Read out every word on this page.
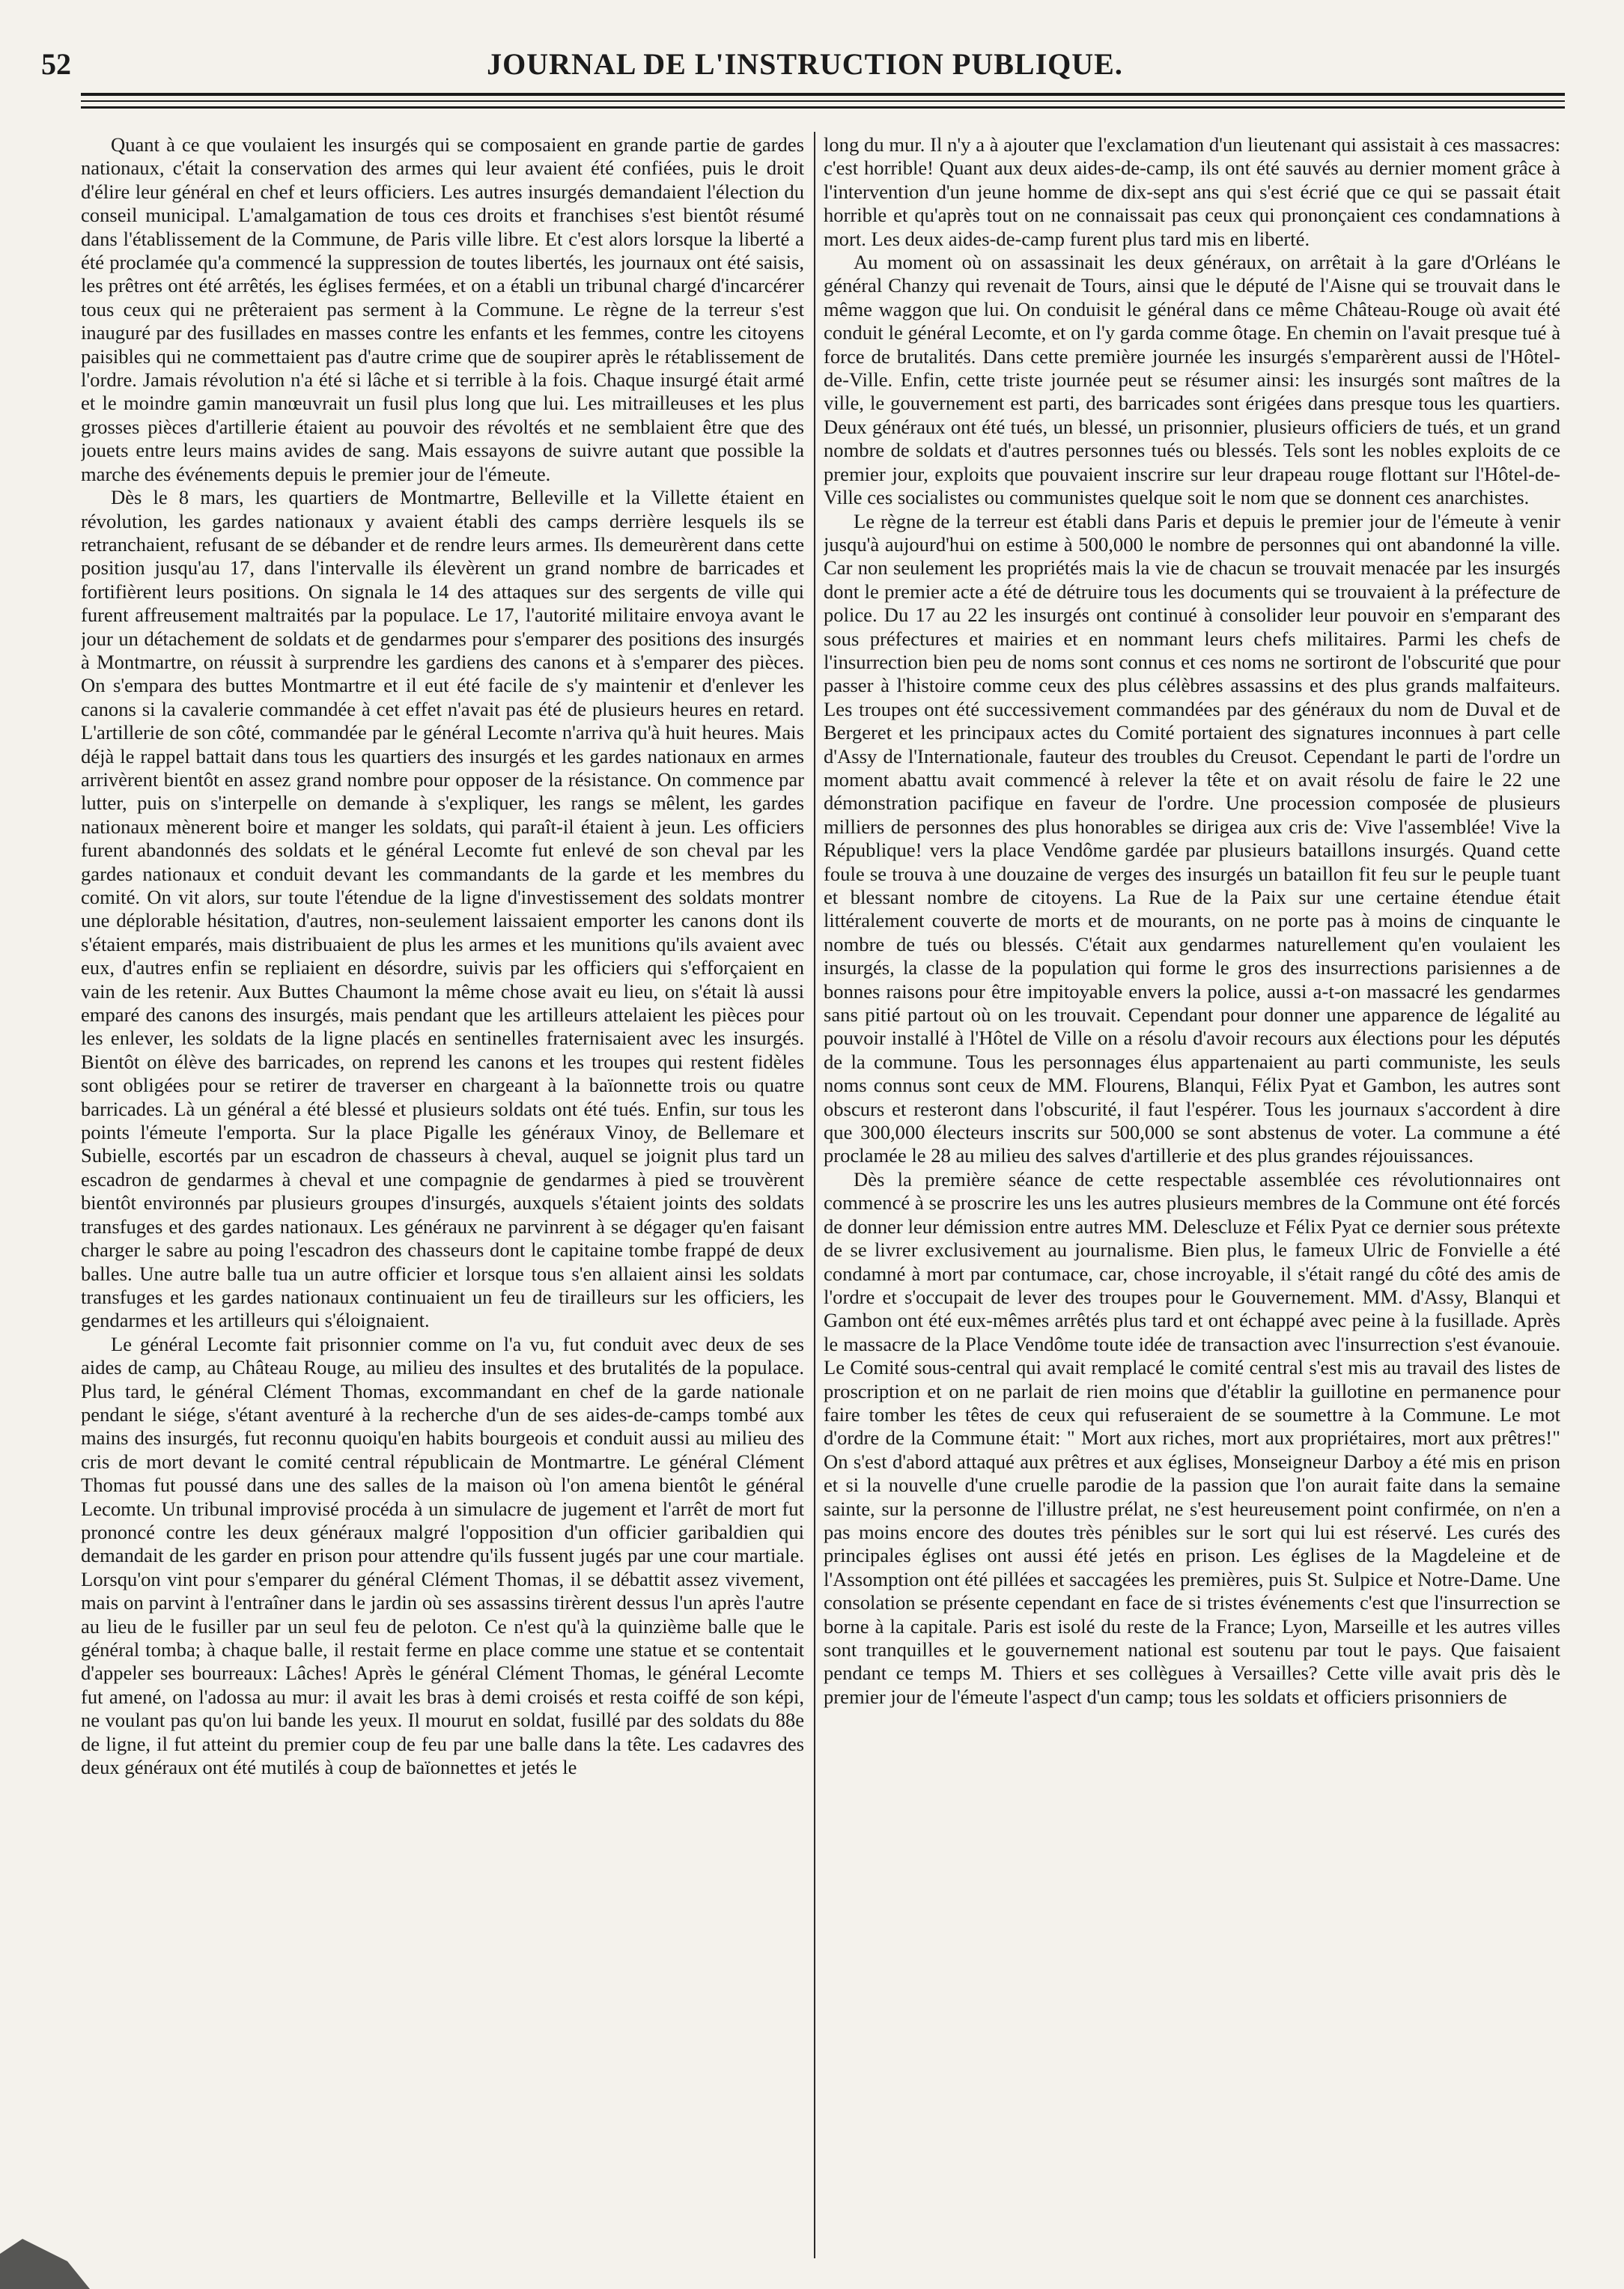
52	JOURNAL DE L'INSTRUCTION PUBLIQUE.

Quant à ce que voulaient les insurgés qui se composaient en grande partie de gardes nationaux, c'était la conservation des armes qui leur avaient été confiées, puis le droit d'élire leur général en chef et leurs officiers. Les autres insurgés demandaient l'élection du conseil municipal. L'amalgamation de tous ces droits et franchises s'est bientôt résumé dans l'établissement de la Commune, de Paris ville libre. Et c'est alors lorsque la liberté a été proclamée qu'a commencé la suppression de toutes libertés, les journaux ont été saisis, les prêtres ont été arrêtés, les églises fermées, et on a établi un tribunal chargé d'incarcérer tous ceux qui ne prêteraient pas serment à la Commune. Le règne de la terreur s'est inauguré par des fusillades en masses contre les enfants et les femmes, contre les citoyens paisibles qui ne commettaient pas d'autre crime que de soupirer après le rétablissement de l'ordre. Jamais révolution n'a été si lâche et si terrible à la fois. Chaque insurgé était armé et le moindre gamin manœuvrait un fusil plus long que lui. Les mitrailleuses et les plus grosses pièces d'artillerie étaient au pouvoir des révoltés et ne semblaient être que des jouets entre leurs mains avides de sang. Mais essayons de suivre autant que possible la marche des événements depuis le premier jour de l'émeute.

Dès le 8 mars, les quartiers de Montmartre, Belleville et la Villette étaient en révolution, les gardes nationaux y avaient établi des camps derrière lesquels ils se retranchaient, refusant de se débander et de rendre leurs armes. Ils demeurèrent dans cette position jusqu'au 17, dans l'intervalle ils élevèrent un grand nombre de barricades et fortifièrent leurs positions. On signala le 14 des attaques sur des sergents de ville qui furent affreusement maltraités par la populace. Le 17, l'autorité militaire envoya avant le jour un détachement de soldats et de gendarmes pour s'emparer des positions des insurgés à Montmartre, on réussit à surprendre les gardiens des canons et à s'emparer des pièces. On s'empara des buttes Montmartre et il eut été facile de s'y maintenir et d'enlever les canons si la cavalerie commandée à cet effet n'avait pas été de plusieurs heures en retard. L'artillerie de son côté, commandée par le général Lecomte n'arriva qu'à huit heures. Mais déjà le rappel battait dans tous les quartiers des insurgés et les gardes nationaux en armes arrivèrent bientôt en assez grand nombre pour opposer de la résistance. On commence par lutter, puis on s'interpelle on demande à s'expliquer, les rangs se mêlent, les gardes nationaux mènerent boire et manger les soldats, qui paraît-il étaient à jeun. Les officiers furent abandonnés des soldats et le général Lecomte fut enlevé de son cheval par les gardes nationaux et conduit devant les commandants de la garde et les membres du comité. On vit alors, sur toute l'étendue de la ligne d'investissement des soldats montrer une déplorable hésitation, d'autres, non-seulement laissaient emporter les canons dont ils s'étaient emparés, mais distribuaient de plus les armes et les munitions qu'ils avaient avec eux, d'autres enfin se repliaient en désordre, suivis par les officiers qui s'efforçaient en vain de les retenir. Aux Buttes Chaumont la même chose avait eu lieu, on s'était là aussi emparé des canons des insurgés, mais pendant que les artilleurs attelaient les pièces pour les enlever, les soldats de la ligne placés en sentinelles fraternisaient avec les insurgés. Bientôt on élève des barricades, on reprend les canons et les troupes qui restent fidèles sont obligées pour se retirer de traverser en chargeant à la baïonnette trois ou quatre barricades. Là un général a été blessé et plusieurs soldats ont été tués. Enfin, sur tous les points l'émeute l'emporta. Sur la place Pigalle les généraux Vinoy, de Bellemare et Subielle, escortés par un escadron de chasseurs à cheval, auquel se joignit plus tard un escadron de gendarmes à cheval et une compagnie de gendarmes à pied se trouvèrent bientôt environnés par plusieurs groupes d'insurgés, auxquels s'étaient joints des soldats transfuges et des gardes nationaux. Les généraux ne parvinrent à se dégager qu'en faisant charger le sabre au poing l'escadron des chasseurs dont le capitaine tombe frappé de deux balles. Une autre balle tua un autre officier et lorsque tous s'en allaient ainsi les soldats transfuges et les gardes nationaux continuaient un feu de tirailleurs sur les officiers, les gendarmes et les artilleurs qui s'éloignaient.

Le général Lecomte fait prisonnier comme on l'a vu, fut conduit avec deux de ses aides de camp, au Château Rouge, au milieu des insultes et des brutalités de la populace. Plus tard, le général Clément Thomas, excommandant en chef de la garde nationale pendant le siége, s'étant aventuré à la recherche d'un de ses aides-de-camps tombé aux mains des insurgés, fut reconnu quoiqu'en habits bourgeois et conduit aussi au milieu des cris de mort devant le comité central républicain de Montmartre. Le général Clément Thomas fut poussé dans une des salles de la maison où l'on amena bientôt le général Lecomte. Un tribunal improvisé procéda à un simulacre de jugement et l'arrêt de mort fut prononcé contre les deux généraux malgré l'opposition d'un officier garibaldien qui demandait de les garder en prison pour attendre qu'ils fussent jugés par une cour martiale. Lorsqu'on vint pour s'emparer du général Clément Thomas, il se débattit assez vivement, mais on parvint à l'entraîner dans le jardin où ses assassins tirèrent dessus l'un après l'autre au lieu de le fusiller par un seul feu de peloton. Ce n'est qu'à la quinzième balle que le général tomba; à chaque balle, il restait ferme en place comme une statue et se contentait d'appeler ses bourreaux: Lâches! Après le général Clément Thomas, le général Lecomte fut amené, on l'adossa au mur: il avait les bras à demi croisés et resta coiffé de son képi, ne voulant pas qu'on lui bande les yeux. Il mourut en soldat, fusillé par des soldats du 88e de ligne, il fut atteint du premier coup de feu par une balle dans la tête. Les cadavres des deux généraux ont été mutilés à coup de baïonnettes et jetés le

long du mur. Il n'y a à ajouter que l'exclamation d'un lieutenant qui assistait à ces massacres: c'est horrible! Quant aux deux aides-de-camp, ils ont été sauvés au dernier moment grâce à l'intervention d'un jeune homme de dix-sept ans qui s'est écrié que ce qui se passait était horrible et qu'après tout on ne connaissait pas ceux qui prononçaient ces condamnations à mort. Les deux aides-de-camp furent plus tard mis en liberté.

Au moment où on assassinait les deux généraux, on arrêtait à la gare d'Orléans le général Chanzy qui revenait de Tours, ainsi que le député de l'Aisne qui se trouvait dans le même waggon que lui. On conduisit le général dans ce même Château-Rouge où avait été conduit le général Lecomte, et on l'y garda comme ôtage. En chemin on l'avait presque tué à force de brutalités. Dans cette première journée les insurgés s'emparèrent aussi de l'Hôtel-de-Ville. Enfin, cette triste journée peut se résumer ainsi: les insurgés sont maîtres de la ville, le gouvernement est parti, des barricades sont érigées dans presque tous les quartiers. Deux généraux ont été tués, un blessé, un prisonnier, plusieurs officiers de tués, et un grand nombre de soldats et d'autres personnes tués ou blessés. Tels sont les nobles exploits de ce premier jour, exploits que pouvaient inscrire sur leur drapeau rouge flottant sur l'Hôtel-de-Ville ces socialistes ou communistes quelque soit le nom que se donnent ces anarchistes.

Le règne de la terreur est établi dans Paris et depuis le premier jour de l'émeute à venir jusqu'à aujourd'hui on estime à 500,000 le nombre de personnes qui ont abandonné la ville. Car non seulement les propriétés mais la vie de chacun se trouvait menacée par les insurgés dont le premier acte a été de détruire tous les documents qui se trouvaient à la préfecture de police. Du 17 au 22 les insurgés ont continué à consolider leur pouvoir en s'emparant des sous préfectures et mairies et en nommant leurs chefs militaires. Parmi les chefs de l'insurrection bien peu de noms sont connus et ces noms ne sortiront de l'obscurité que pour passer à l'histoire comme ceux des plus célèbres assassins et des plus grands malfaiteurs. Les troupes ont été successivement commandées par des généraux du nom de Duval et de Bergeret et les principaux actes du Comité portaient des signatures inconnues à part celle d'Assy de l'Internationale, fauteur des troubles du Creusot. Cependant le parti de l'ordre un moment abattu avait commencé à relever la tête et on avait résolu de faire le 22 une démonstration pacifique en faveur de l'ordre. Une procession composée de plusieurs milliers de personnes des plus honorables se dirigea aux cris de: Vive l'assemblée! Vive la République! vers la place Vendôme gardée par plusieurs bataillons insurgés. Quand cette foule se trouva à une douzaine de verges des insurgés un bataillon fit feu sur le peuple tuant et blessant nombre de citoyens. La Rue de la Paix sur une certaine étendue était littéralement couverte de morts et de mourants, on ne porte pas à moins de cinquante le nombre de tués ou blessés. C'était aux gendarmes naturellement qu'en voulaient les insurgés, la classe de la population qui forme le gros des insurrections parisiennes a de bonnes raisons pour être impitoyable envers la police, aussi a-t-on massacré les gendarmes sans pitié partout où on les trouvait. Cependant pour donner une apparence de légalité au pouvoir installé à l'Hôtel de Ville on a résolu d'avoir recours aux élections pour les députés de la commune. Tous les personnages élus appartenaient au parti communiste, les seuls noms connus sont ceux de MM. Flourens, Blanqui, Félix Pyat et Gambon, les autres sont obscurs et resteront dans l'obscurité, il faut l'espérer. Tous les journaux s'accordent à dire que 300,000 électeurs inscrits sur 500,000 se sont abstenus de voter. La commune a été proclamée le 28 au milieu des salves d'artillerie et des plus grandes réjouissances.

Dès la première séance de cette respectable assemblée ces révolutionnaires ont commencé à se proscrire les uns les autres plusieurs membres de la Commune ont été forcés de donner leur démission entre autres MM. Delescluze et Félix Pyat ce dernier sous prétexte de se livrer exclusivement au journalisme. Bien plus, le fameux Ulric de Fonvielle a été condamné à mort par contumace, car, chose incroyable, il s'était rangé du côté des amis de l'ordre et s'occupait de lever des troupes pour le Gouvernement. MM. d'Assy, Blanqui et Gambon ont été eux-mêmes arrêtés plus tard et ont échappé avec peine à la fusillade. Après le massacre de la Place Vendôme toute idée de transaction avec l'insurrection s'est évanouie. Le Comité sous-central qui avait remplacé le comité central s'est mis au travail des listes de proscription et on ne parlait de rien moins que d'établir la guillotine en permanence pour faire tomber les têtes de ceux qui refuseraient de se soumettre à la Commune. Le mot d'ordre de la Commune était: " Mort aux riches, mort aux propriétaires, mort aux prêtres!" On s'est d'abord attaqué aux prêtres et aux églises, Monseigneur Darboy a été mis en prison et si la nouvelle d'une cruelle parodie de la passion que l'on aurait faite dans la semaine sainte, sur la personne de l'illustre prélat, ne s'est heureusement point confirmée, on n'en a pas moins encore des doutes très pénibles sur le sort qui lui est réservé. Les curés des principales églises ont aussi été jetés en prison. Les églises de la Magdeleine et de l'Assomption ont été pillées et saccagées les premières, puis St. Sulpice et Notre-Dame. Une consolation se présente cependant en face de si tristes événements c'est que l'insurrection se borne à la capitale. Paris est isolé du reste de la France; Lyon, Marseille et les autres villes sont tranquilles et le gouvernement national est soutenu par tout le pays. Que faisaient pendant ce temps M. Thiers et ses collègues à Versailles? Cette ville avait pris dès le premier jour de l'émeute l'aspect d'un camp; tous les soldats et officiers prisonniers de
